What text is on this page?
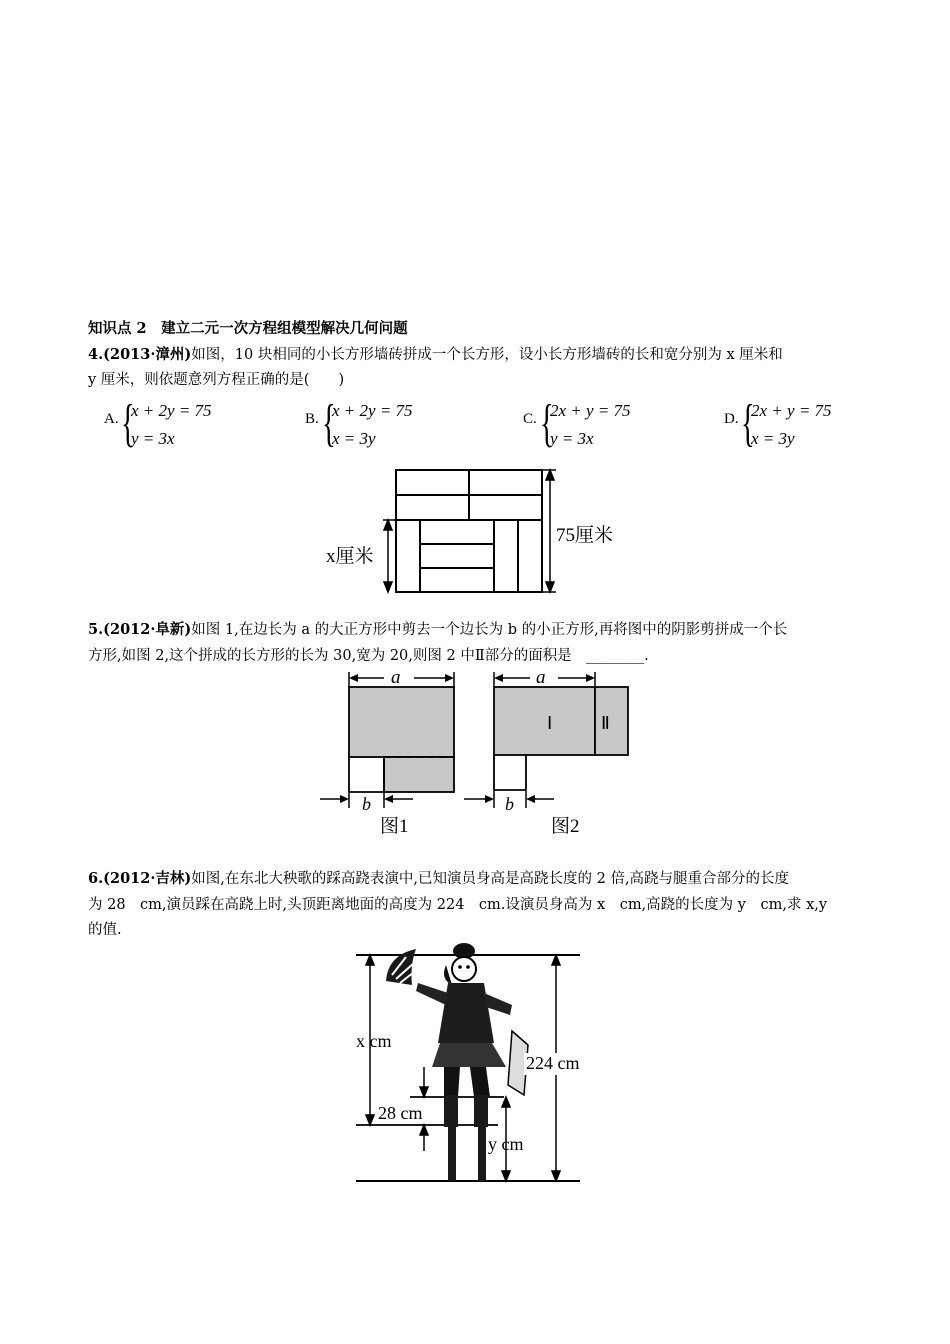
知识点 2　建立二元一次方程组模型解决几何问题
4.(2013·漳州)如图，10 块相同的小长方形墙砖拼成一个长方形，设小长方形墙砖的长和宽分别为 x 厘米和
y 厘米，则依题意列方程正确的是(　　)
A. {
x + 2y = 75
y = 3x
B. {
x + 2y = 75
x = 3y
C. {
2x + y = 75
y = 3x
D. {
2x + y = 75
x = 3y
x厘米
75厘米
5.(2012·阜新)如图 1,在边长为 a 的大正方形中剪去一个边长为 b 的小正方形,再将图中的阴影剪拼成一个长
方形,如图 2,这个拼成的长方形的长为 30,宽为 20,则图 2 中Ⅱ部分的面积是　________.
a
b
图1
a
Ⅰ	Ⅱ
b
图2
6.(2012·吉林)如图,在东北大秧歌的踩高跷表演中,已知演员身高是高跷长度的 2 倍,高跷与腿重合部分的长度
为 28　cm,演员踩在高跷上时,头顶距离地面的高度为 224　cm.设演员身高为 x　cm,高跷的长度为 y　cm,求 x,y
的值.
x cm
28 cm
224 cm
y cm
